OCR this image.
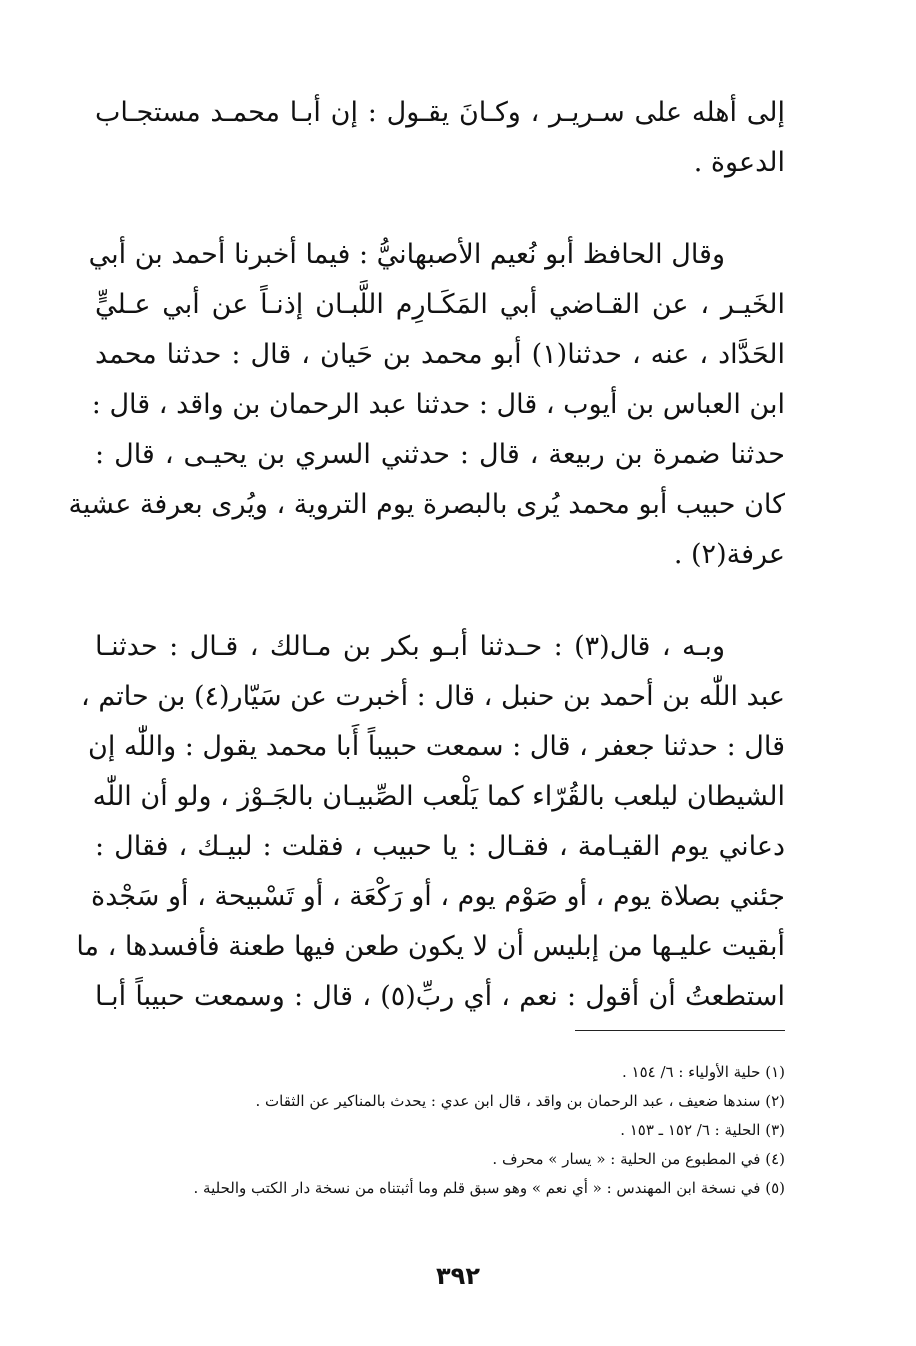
إلى أهله على سـريـر ، وكـانَ يقـول : إن أبـا محمـد مستجـاب
الدعوة .
وقال الحافظ أبو نُعيم الأصبهانيُّ : فيما أخبرنا أحمد بن أبي
الخَيـر ، عن القـاضي أبي المَكَـارِم اللَّبـان إذنـاً عن أبي عـليٍّ
الحَدَّاد ، عنه ، حدثنا(١) أبو محمد بن حَيان ، قال : حدثنا محمد
ابن العباس بن أيوب ، قال : حدثنا عبد الرحمان بن واقد ، قال :
حدثنا ضمرة بن ربيعة ، قال : حدثني السري بن يحيـى ، قال :
كان حبيب أبو محمد يُرى بالبصرة يوم التروية ، ويُرى بعرفة عشية
عرفة(٢) .
وبـه ، قال(٣) : حـدثنا أبـو بكر بن مـالك ، قـال : حدثنـا
عبد اللّٰه بن أحمد بن حنبل ، قال : أخبرت عن سَيّار(٤) بن حاتم ،
قال : حدثنا جعفر ، قال : سمعت حبيباً أَبا محمد يقول : واللّٰه إن
الشيطان ليلعب بالقُرّاء كما يَلْعب الصِّبيـان بالجَـوْز ، ولو أن اللّٰه
دعاني يوم القيـامة ، فقـال : يا حبيب ، فقلت : لبيـك ، فقال :
جئني بصلاة يوم ، أو صَوْم يوم ، أو رَكْعَة ، أو تَسْبيحة ، أو سَجْدة
أبقيت عليـها من إبليس أن لا يكون طعن فيها طعنة فأفسدها ، ما
استطعتُ أن أقول : نعم ، أي ربِّ(٥) ، قال : وسمعت حبيباً أبـا
(١) حلية الأولياء : ٦/ ١٥٤ .
(٢) سندها ضعيف ، عبد الرحمان بن واقد ، قال ابن عدي : يحدث بالمناكير عن الثقات .
(٣) الحلية : ٦/ ١٥٢ ـ ١٥٣ .
(٤) في المطبوع من الحلية : « يسار » محرف .
(٥) في نسخة ابن المهندس : « أي نعم » وهو سبق قلم وما أثبتناه من نسخة دار الكتب والحلية .
٣٩٢
